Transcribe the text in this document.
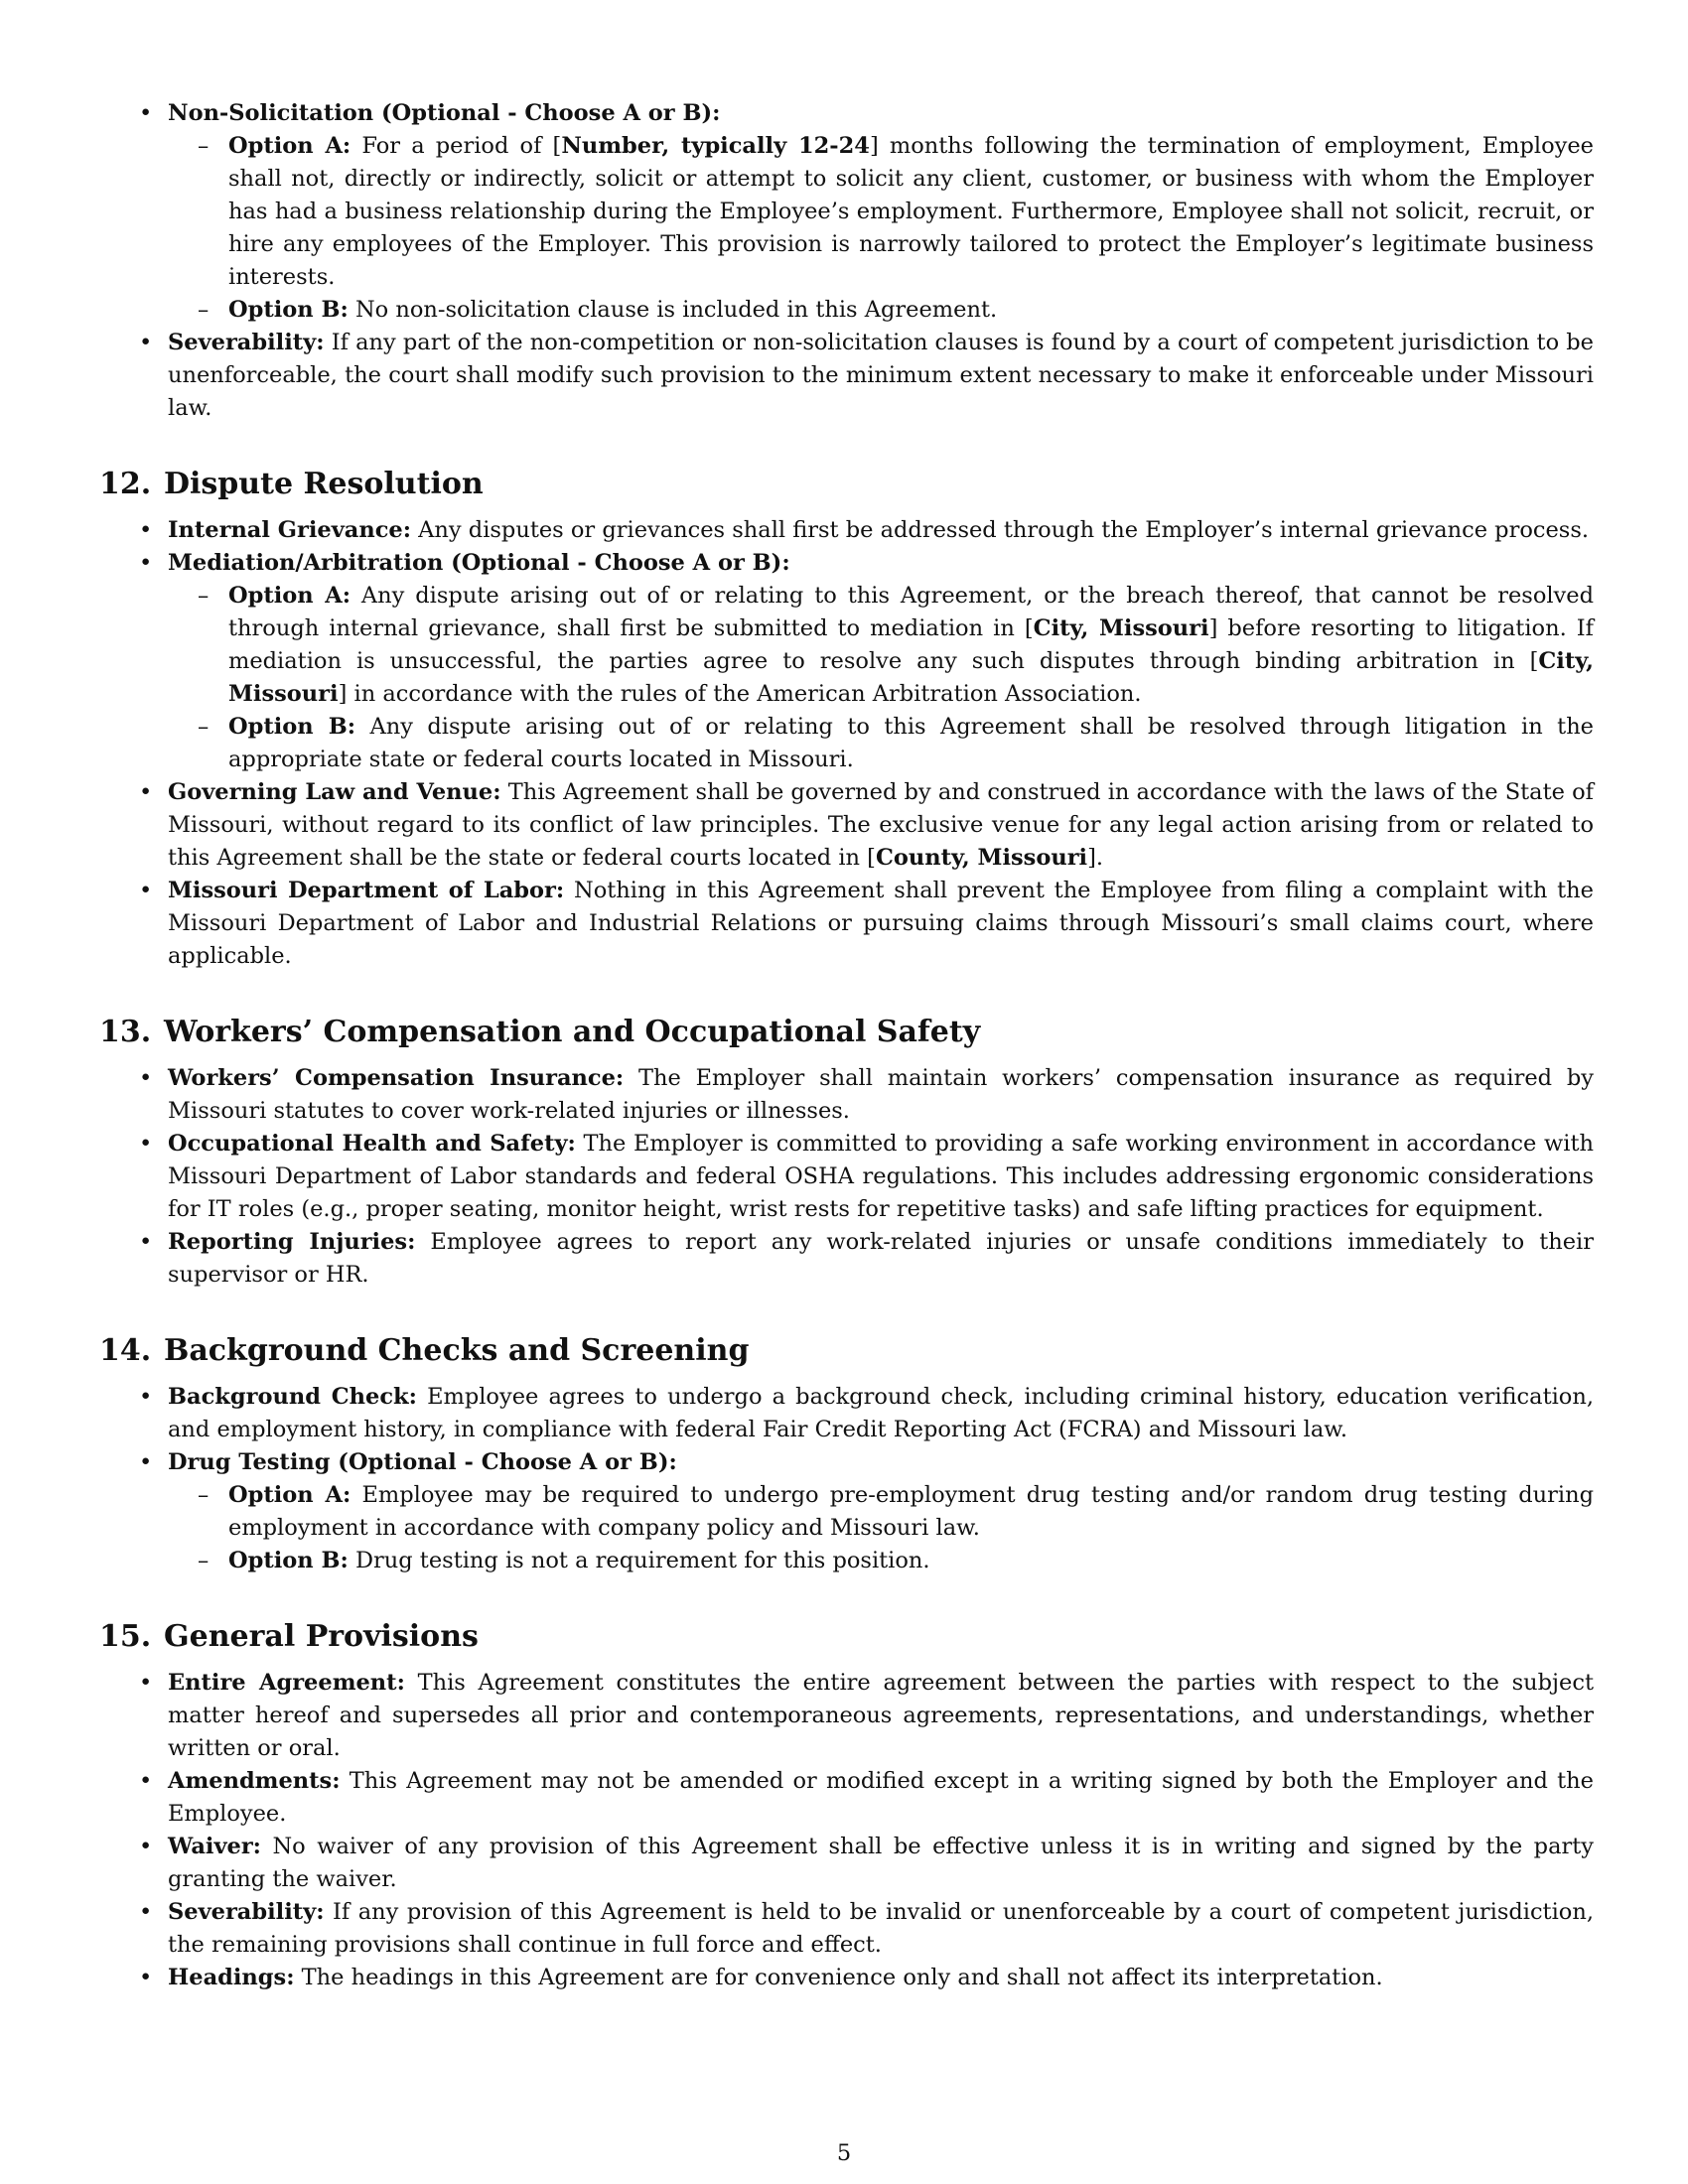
• Non-Solicitation (Optional - Choose A or B):
– Option A: For a period of [Number, typically 12-24] months following the termination of employment, Employee shall not, directly or indirectly, solicit or attempt to solicit any client, customer, or business with whom the Employer has had a business relationship during the Employee’s employment. Furthermore, Employee shall not solicit, recruit, or hire any employees of the Employer. This provision is narrowly tailored to protect the Employer’s legitimate business interests.
– Option B: No non-solicitation clause is included in this Agreement.
• Severability: If any part of the non-competition or non-solicitation clauses is found by a court of competent jurisdiction to be unenforceable, the court shall modify such provision to the minimum extent necessary to make it enforceable under Missouri law.
12. Dispute Resolution
• Internal Grievance: Any disputes or grievances shall first be addressed through the Employer’s internal grievance process.
• Mediation/Arbitration (Optional - Choose A or B):
– Option A: Any dispute arising out of or relating to this Agreement, or the breach thereof, that cannot be resolved through internal grievance, shall first be submitted to mediation in [City, Missouri] before resorting to litigation. If mediation is unsuccessful, the parties agree to resolve any such disputes through binding arbitration in [City, Missouri] in accordance with the rules of the American Arbitration Association.
– Option B: Any dispute arising out of or relating to this Agreement shall be resolved through litigation in the appropriate state or federal courts located in Missouri.
• Governing Law and Venue: This Agreement shall be governed by and construed in accordance with the laws of the State of Missouri, without regard to its conflict of law principles. The exclusive venue for any legal action arising from or related to this Agreement shall be the state or federal courts located in [County, Missouri].
• Missouri Department of Labor: Nothing in this Agreement shall prevent the Employee from filing a complaint with the Missouri Department of Labor and Industrial Relations or pursuing claims through Missouri’s small claims court, where applicable.
13. Workers’ Compensation and Occupational Safety
• Workers’ Compensation Insurance: The Employer shall maintain workers’ compensation insurance as required by Missouri statutes to cover work-related injuries or illnesses.
• Occupational Health and Safety: The Employer is committed to providing a safe working environment in accordance with Missouri Department of Labor standards and federal OSHA regulations. This includes addressing ergonomic considerations for IT roles (e.g., proper seating, monitor height, wrist rests for repetitive tasks) and safe lifting practices for equipment.
• Reporting Injuries: Employee agrees to report any work-related injuries or unsafe conditions immediately to their supervisor or HR.
14. Background Checks and Screening
• Background Check: Employee agrees to undergo a background check, including criminal history, education verification, and employment history, in compliance with federal Fair Credit Reporting Act (FCRA) and Missouri law.
• Drug Testing (Optional - Choose A or B):
– Option A: Employee may be required to undergo pre-employment drug testing and/or random drug testing during employment in accordance with company policy and Missouri law.
– Option B: Drug testing is not a requirement for this position.
15. General Provisions
• Entire Agreement: This Agreement constitutes the entire agreement between the parties with respect to the subject matter hereof and supersedes all prior and contemporaneous agreements, representations, and understandings, whether written or oral.
• Amendments: This Agreement may not be amended or modified except in a writing signed by both the Employer and the Employee.
• Waiver: No waiver of any provision of this Agreement shall be effective unless it is in writing and signed by the party granting the waiver.
• Severability: If any provision of this Agreement is held to be invalid or unenforceable by a court of competent jurisdiction, the remaining provisions shall continue in full force and effect.
• Headings: The headings in this Agreement are for convenience only and shall not affect its interpretation.
5
